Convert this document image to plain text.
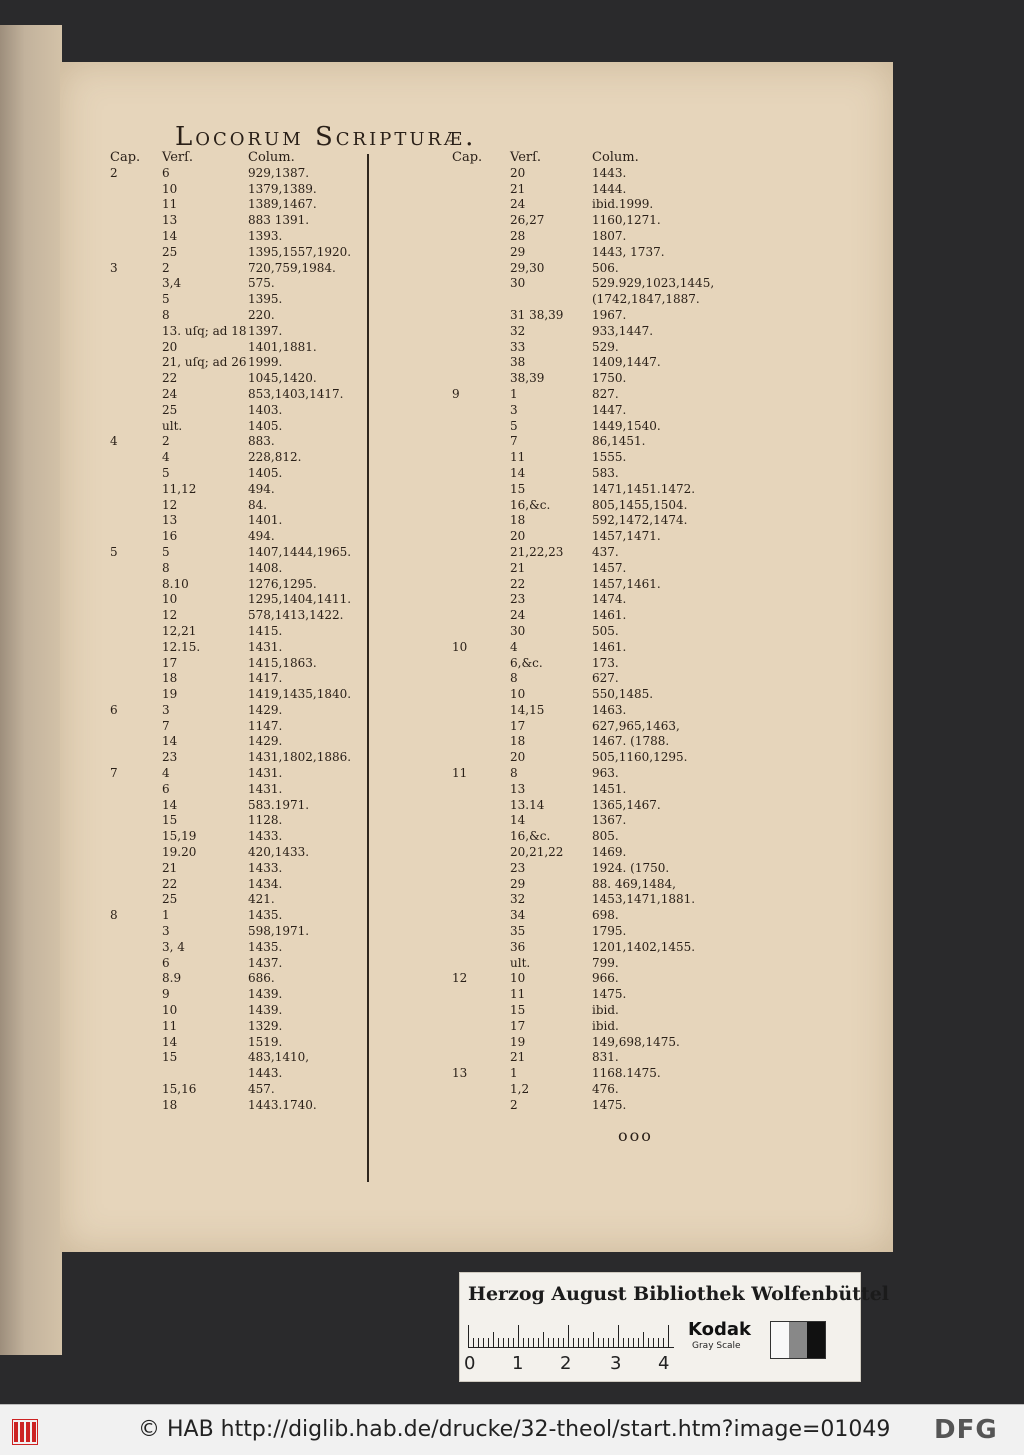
Locorum Scripturæ.
Cap. Verſ.	Colum.
2	6	929,1387.
10	1379,1389.
11	1389,1467.
13	883 1391.
14	1393.
25	1395,1557,1920.
3	2	720,759,1984.
3,4	575.
5	1395.
8	220.
13. uſq; ad 18 1397.
20	1401,1881.
21, uſq; ad 26 1999.
22	1045,1420.
24	853,1403,1417.
25	1403.
ult.	1405.
4	2	883.
4	228,812.
5	1405.
11,12	494.
12	84.
13	1401.
16	494.
5	5	1407,1444,1965.
8	1408.
8.10	1276,1295.
10	1295,1404,1411.
12	578,1413,1422.
12,21	1415.
12.15.	1431.
17	1415,1863.
18	1417.
19	1419,1435,1840.
6	3	1429.
7	1147.
14	1429.
23	1431,1802,1886.
7	4	1431.
6	1431.
14	583.1971.
15	1128.
15,19	1433.
19.20	420,1433.
21	1433.
22	1434.
25	421.
8	1	1435.
3	598,1971.
3, 4	1435.
6	1437.
8.9	686.
9	1439.
10	1439.
11	1329.
14	1519.
15	483,1410,
1443.
15,16	457.
18	1443.1740.
Cap. Verſ.	Colum.
20	1443.
21	1444.
24	ibid.1999.
26,27	1160,1271.
28	1807.
29	1443, 1737.
29,30	506.
30	529.929,1023,1445,
(1742,1847,1887.
31 38,39 1967.
32	933,1447.
33	529.
38	1409,1447.
38,39	1750.
9	1	827.
3	1447.
5	1449,1540.
7	86,1451.
11	1555.
14	583.
15	1471,1451.1472.
16,&c.	805,1455,1504.
18	592,1472,1474.
20	1457,1471.
21,22,23 437.
21	1457.
22	1457,1461.
23	1474.
24	1461.
30	505.
10	4	1461.
6,&c.	173.
8	627.
10	550,1485.
14,15	1463.
17	627,965,1463,
18	1467. (1788.
20	505,1160,1295.
11	8	963.
13	1451.
13.14	1365,1467.
14	1367.
16,&c.	805.
20,21,22 1469.
23	1924. (1750.
29	88. 469,1484,
32	1453,1471,1881.
34	698.
35	1795.
36	1201,1402,1455.
ult.	799.
12	10	966.
11	1475.
15	ibid.
17	ibid.
19	149,698,1475.
21	831.
13	1	1168.1475.
1,2	476.
2	1475.
ooo
Herzog August Bibliothek Wolfenbüttel
0 1 2 3 4
Kodak
Gray Scale
© HAB http://diglib.hab.de/drucke/32-theol/start.htm?image=01049 DFG
